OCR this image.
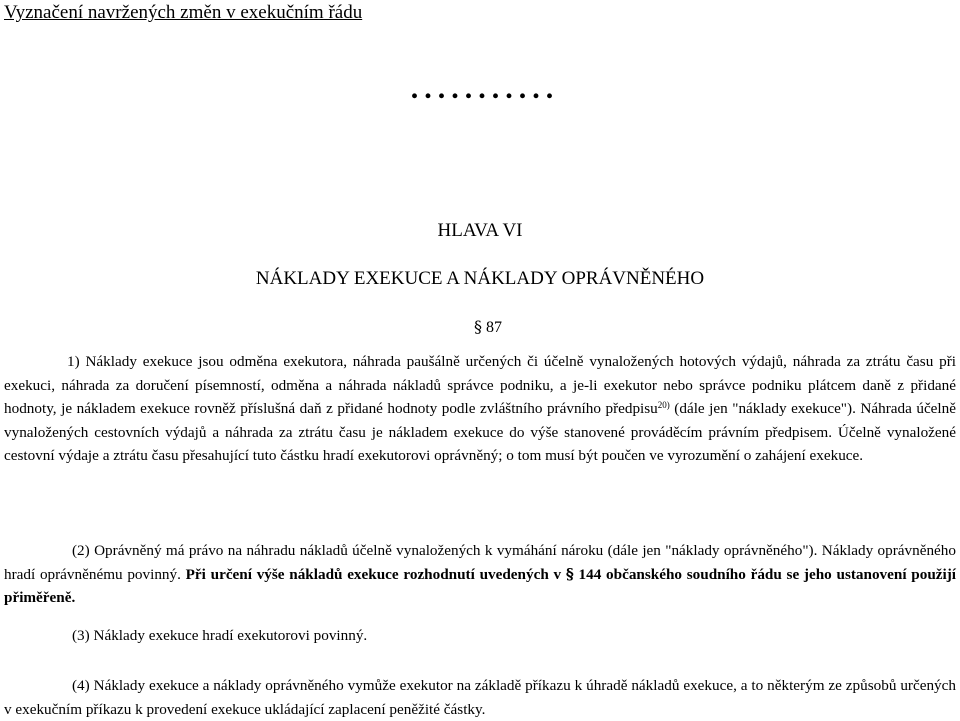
Vyznačení navržených změn v exekučním řádu
...........
HLAVA VI
NÁKLADY EXEKUCE A NÁKLADY OPRÁVNĚNÉHO
§ 87

1) Náklady exekuce jsou odměna exekutora, náhrada paušálně určených či účelně vynaložených hotových výdajů, náhrada za ztrátu času při exekuci, náhrada za doručení písemností, odměna a náhrada nákladů správce podniku, a je-li exekutor nebo správce podniku plátcem daně z přidané hodnoty, je nákladem exekuce rovněž příslušná daň z přidané hodnoty podle zvláštního právního předpisu$^{20)}$ (dále jen "náklady exekuce"). Náhrada účelně vynaložených cestovních výdajů a náhrada za ztrátu času je nákladem exekuce do výše stanovené prováděcím právním předpisem. Účelně vynaložené cestovní výdaje a ztrátu času přesahující tuto částku hradí exekutorovi oprávněný; o tom musí být poučen ve vyrozumění o zahájení exekuce.

(2) Oprávněný má právo na náhradu nákladů účelně vynaložených k vymáhání nároku (dále jen "náklady oprávněného"). Náklady oprávněného hradí oprávněnému povinný. Při určení výše nákladů exekuce rozhodnutí uvedených v § 144 občanského soudního řádu se jeho ustanovení použijí přiměřeně.

(3) Náklady exekuce hradí exekutorovi povinný.

(4) Náklady exekuce a náklady oprávněného vymůže exekutor na základě příkazu k úhradě nákladů exekuce, a to některým ze způsobů určených v exekučním příkazu k provedení exekuce ukládající zaplacení peněžité částky.
